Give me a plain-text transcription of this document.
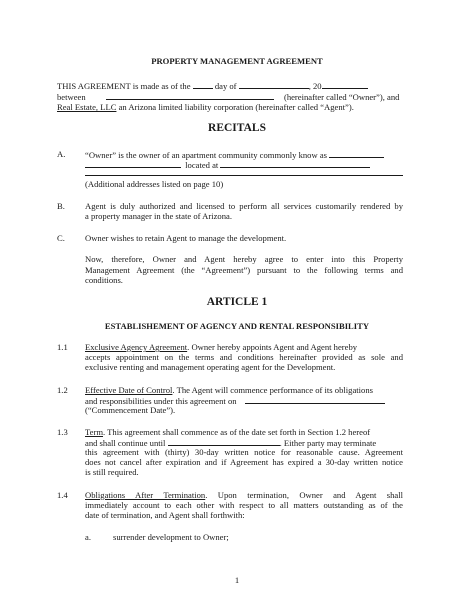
PROPERTY MANAGEMENT AGREEMENT
THIS AGREEMENT is made as of the	day of	, 20
between	(hereinafter called “Owner”), and
Real Estate, LLC an Arizona limited liability corporation (hereinafter called “Agent”).
RECITALS
A. “Owner” is the owner of an apartment community commonly know as
located at
(Additional addresses listed on page 10)
B. Agent is duly authorized and licensed to perform all services customarily rendered by
a property manager in the state of Arizona.
C. Owner wishes to retain Agent to manage the development.
Now, therefore, Owner and Agent hereby agree to enter into this Property
Management Agreement (the “Agreement”) pursuant to the following terms and
conditions.
ARTICLE 1
ESTABLISHEMENT OF AGENCY AND RENTAL RESPONSIBILITY
1.1 Exclusive Agency Agreement. Owner hereby appoints Agent and Agent hereby
accepts appointment on the terms and conditions hereinafter provided as sole and
exclusive renting and management operating agent for the Development.
1.2 Effective Date of Control. The Agent will commence performance of its obligations
and responsibilities under this agreement on
(“Commencement Date”).
1.3 Term. This agreement shall commence as of the date set forth in Section 1.2 hereof
and shall continue until	. Either party may terminate
this agreement with (thirty) 30-day written notice for reasonable cause. Agreement
does not cancel after expiration and if Agreement has expired a 30-day written notice
is still required.
1.4 Obligations After Termination. Upon termination, Owner and Agent shall
immediately account to each other with respect to all matters outstanding as of the
date of termination, and Agent shall forthwith:
a.	surrender development to Owner;
1
